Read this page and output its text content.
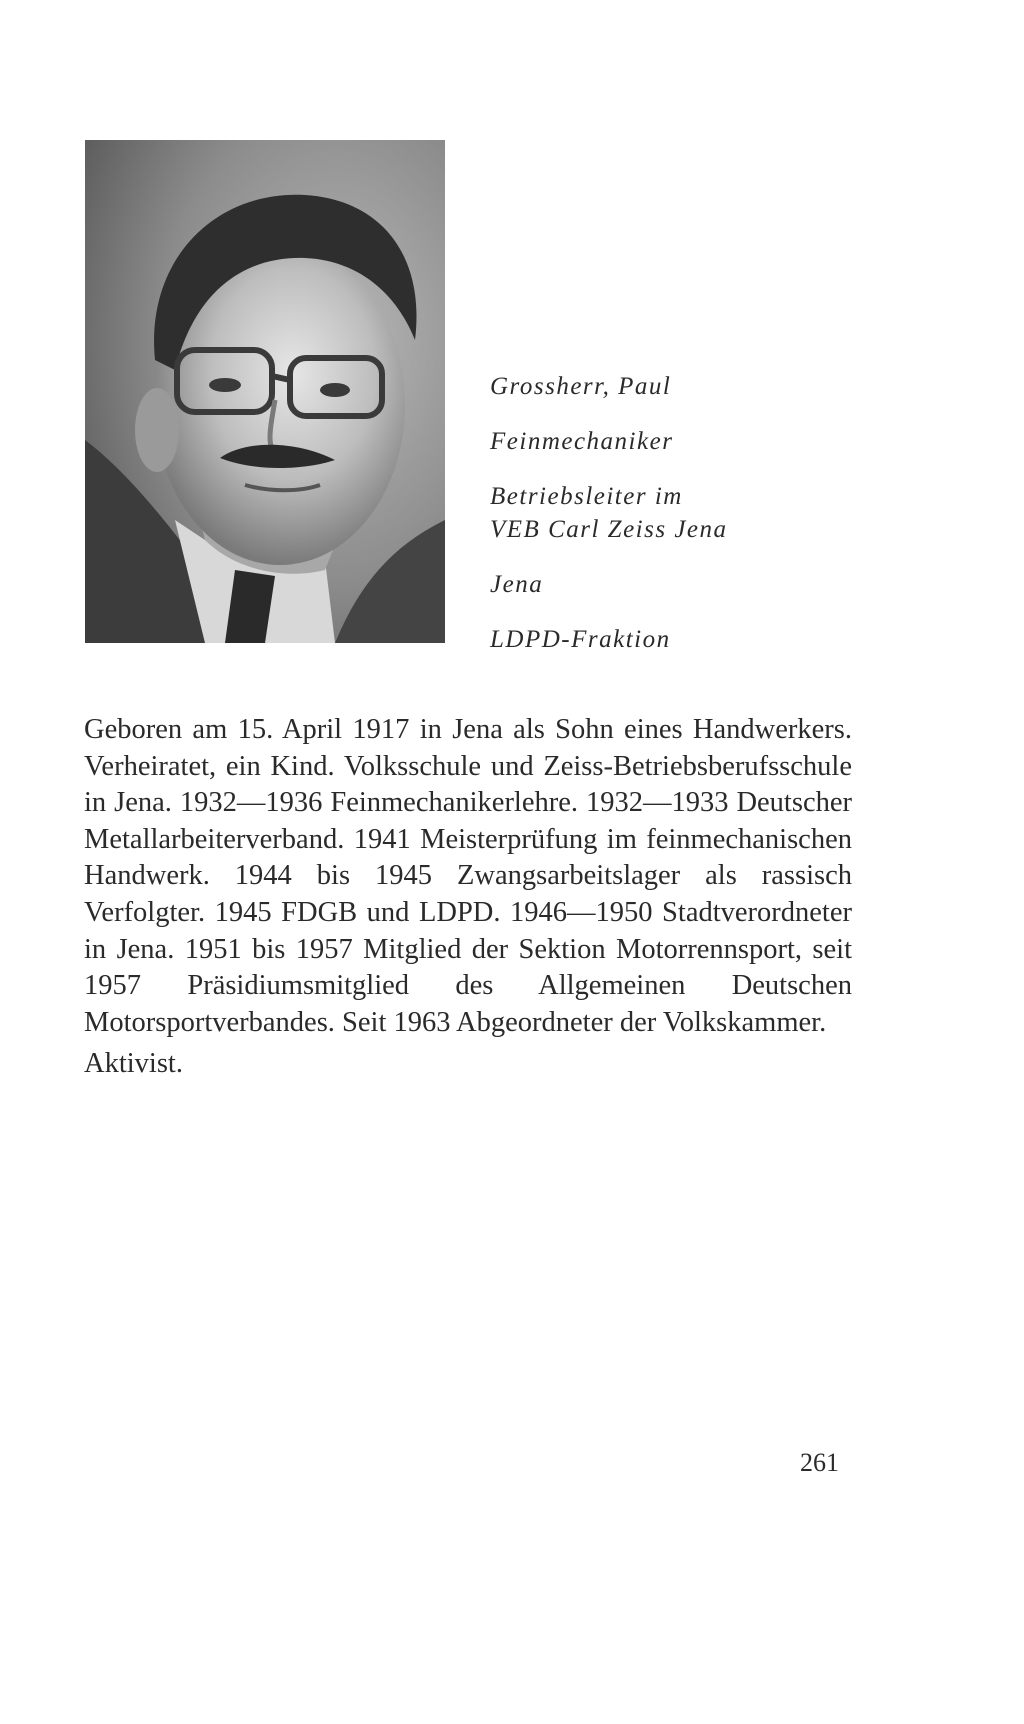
Grossherr, Paul

Feinmechaniker

Betriebsleiter im
VEB Carl Zeiss Jena

Jena

LDPD-Fraktion

Geboren am 15. April 1917 in Jena als Sohn eines Handwerkers. Verheiratet, ein Kind. Volksschule und Zeiss-Betriebsberufsschule in Jena. 1932—1936 Feinmechanikerlehre. 1932—1933 Deutscher Metallarbeiterverband. 1941 Meisterprüfung im feinmechanischen Handwerk. 1944 bis 1945 Zwangsarbeitslager als rassisch Verfolgter. 1945 FDGB und LDPD. 1946—1950 Stadtverordneter in Jena. 1951 bis 1957 Mitglied der Sektion Motorrennsport, seit 1957 Präsidiumsmitglied des Allgemeinen Deutschen Motorsportverbandes. Seit 1963 Abgeordneter der Volkskammer.

Aktivist.

261
